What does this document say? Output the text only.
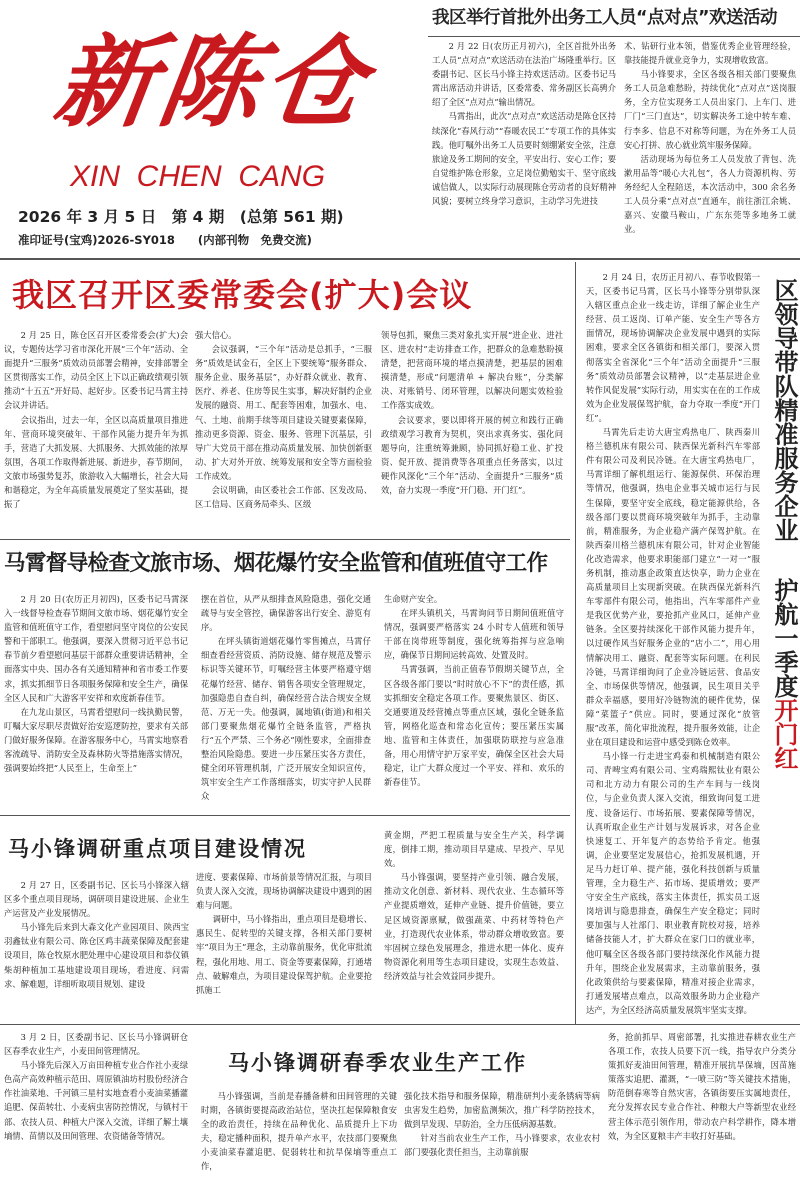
新陈仓
XIN  CHEN  CANG
2026 年 3 月 5 日　第 4 期　(总第 561 期)
准印证号(宝鸡)2026-SY018　　(内部刊物　免费交流)
我区举行首批外出务工人员“点对点”欢送活动

2 月 22 日(农历正月初六)，全区首批外出务工人员“点对点”欢送活动在法治广场隆重举行。区委副书记、区长马小锋主持欢送活动。区委书记马霄出席活动并讲话，区委常委、常务副区长高骋介绍了全区“点对点”输出情况。

马霄指出，此次“点对点”欢送活动是陈仓区持续深化“春风行动”“春暖农民工”专项工作的具体实践。他叮嘱外出务工人员要时刻绷紧安全弦，注意旅途及务工期间的安全，平安出行、安心工作；要自觉维护陈仓形象，立足岗位勤勉实干、坚守底线诚信做人，以实际行动展现陈仓劳动者的良好精神风貌；要树立终身学习意识，主动学习先进技

术、钻研行业本领，借鉴优秀企业管理经验，靠技能提升就业竞争力，实现增收致富。

马小锋要求，全区各级各相关部门要聚焦务工人员急难愁盼，持续优化“点对点”送岗服务，全方位实现务工人员出家门、上车门、进厂门“三门直达”，切实解决务工途中转车难、行李多、信息不对称等问题，为在外务工人员安心打拼、放心就业筑牢服务保障。

活动现场为每位务工人员发放了背包、洗漱用品等“暖心大礼包”，各人力资源机构、劳务经纪人全程陪送，本次活动中，300 余名务工人员分乘“点对点”直通车，前往浙江余姚、嘉兴、安徽马鞍山，广东东莞等多地务工就业。

我区召开区委常委会(扩大)会议

2 月 25 日，陈仓区召开区委常委会(扩大)会议，专题传达学习省市深化开展“三个年”活动、全面提升“三服务”质效动员部署会精神，安排部署全区贯彻落实工作，动员全区上下以正确政绩观引领推动“十五五”开好局、起好步。区委书记马霄主持会议并讲话。

会议指出，过去一年，全区以高质量项目推进年、营商环境突破年、干部作风能力提升年为抓手，营造了大抓发展、大抓服务、大抓效能的浓厚氛围，各项工作取得新进展、新进步，春节期间，文旅市场强势复苏，旅游收入大幅增长，社会大局和谐稳定，为全年高质量发展奠定了坚实基础，提振了

强大信心。

会议强调，“三个年”活动是总抓手，“三服务”质效是试金石，全区上下要统筹“服务群众、服务企业、服务基层”，办好群众就业、教育、医疗、养老、住房等民生实事，解决好制约企业发展的融资、用工、配套等困难，加强水、电、气、土地、前期手续等项目建设关键要素保障，推动更多资源、资金、服务、管理下沉基层，引导广大党员干部在推动高质量发展、加快创新驱动、扩大对外开放、统筹发展和安全等方面检验工作成效。

会议明确，由区委社会工作部、区发改局、区工信局、区商务局牵头、区级

领导包抓，聚焦三类对象扎实开展“进企业、进社区、进农村”走访排查工作，把群众的急难愁盼摸清楚，把营商环境的堵点摸清楚，把基层的困难摸清楚，形成“问题清单 + 解决台账”，分类解决、对账销号、闭环管理，以解决问题实效检验工作落实成效。

会议要求，要以即将开展的树立和践行正确政绩观学习教育为契机，突出求真务实、强化问题导向，注重统筹兼顾，协同抓好稳工业、扩投资、促开放、提消费等各项重点任务落实，以过硬作风深化“三个年”活动、全面提升“三服务”质效，奋力实现一季度“开门稳、开门红”。

马霄督导检查文旅市场、烟花爆竹安全监管和值班值守工作

2 月 20 日(农历正月初四)，区委书记马霄深入一线督导检查春节期间文旅市场、烟花爆竹安全监管和值班值守工作，看望慰问坚守岗位的公安民警和干部职工。他强调，要深入贯彻习近平总书记春节前夕看望慰问基层干部群众重要讲话精神，全面落实中央、国办各有关通知精神和省市委工作要求，抓实抓细节日各项服务保障和安全生产，确保全区人民和广大游客平安祥和欢度新春佳节。

在九龙山景区，马霄看望慰问一线执勤民警，叮嘱大家尽职尽责做好治安巡逻防控，要求有关部门做好服务保障。在游客服务中心，马霄实地察看客流疏导、消防安全及森林防火等措施落实情况，强调要始终把“人民至上，生命至上”

摆在首位，从严从细排查风险隐患，强化交通疏导与安全管控，确保游客出行安全、游览有序。

在坪头镇街道烟花爆竹零售摊点，马霄仔细查看经营资质、消防设施、储存规范及警示标识等关键环节，叮嘱经营主体要严格遵守烟花爆竹经营、储存、销售各项安全管理规定，加强隐患自查自纠，确保经营合法合规安全规范、万无一失。他强调，属地镇(街道)和相关部门要聚焦烟花爆竹全链条监管，严格执行“五个严禁、三个务必”刚性要求，全面排查整治风险隐患。要进一步压紧压实各方责任，健全闭环管理机制，广泛开展安全知识宣传，筑牢安全生产工作落细落实，切实守护人民群众

生命财产安全。

在坪头镇机关，马霄询问节日期间值班值守情况，强调要严格落实 24 小时专人值班和领导干部在岗带班等制度，强化统筹指挥与应急响应，确保节日期间运转高效、处置及时。

马霄强调，当前正值春节假期关键节点，全区各级各部门要以“时时放心不下”的责任感，抓实抓细安全稳定各项工作。要聚焦景区、街区、交通要道及经营摊点等重点区域，强化全链条监管，网格化巡查和常态化宣传；要压紧压实属地、监管和主体责任，加强联防联控与应急准备，用心用情守护万家平安，确保全区社会大局稳定，让广大群众度过一个平安、祥和、欢乐的新春佳节。

马小锋调研重点项目建设情况

2 月 27 日，区委副书记、区长马小锋深入辖区多个重点项目现场，调研项目建设进展、企业生产运营及产业发展情况。

马小锋先后来到大森文化产业园项目、陕西宝羽鑫钛业有限公司、陈仓区鸡丰蔬菜保障及配套建设项目，陈仓牧原水肥处理中心建设项目和恭仪镇柴胡种植加工基地建设项目现场，看进度、问需求、解难题，详细听取项目规划、建设

进度、要素保障、市场前景等情况汇报，与项目负责人深入交流，现场协调解决建设中遇到的困难与问题。

调研中，马小锋指出，重点项目是稳增长、惠民生、促转型的关键支撑，各相关部门要树牢“项目为王”理念，主动靠前服务，优化审批流程，强化用地、用工、资金等要素保障，打通堵点、破解难点，为项目建设保驾护航。企业要抢抓施工

黄金期，严把工程质量与安全生产关，科学调度，倒排工期，推动项目早建成、早投产、早见效。

马小锋强调，要坚持产业引领、融合发展，推动文化创意、新材料、现代农业、生态循环等产业提质增效，延伸产业链、提升价值链，要立足区域资源禀赋，做强蔬菜、中药材等特色产业，打造现代农业体系，带动群众增收致富。要牢固树立绿色发展理念，推进水肥一体化、废弃物资源化利用等生态项目建设，实现生态效益、经济效益与社会效益同步提升。

2 月 24 日，农历正月初八、春节收假第一天，区委书记马霄，区长马小锋等分别带队深入辖区重点企业一线走访，详细了解企业生产经营、员工返岗、订单产能、安全生产等各方面情况，现场协调解决企业发展中遇到的实际困难，要求全区各镇街和相关部门，要深入贯彻落实全省深化“三个年”活动全面提升“三服务”质效动员部署会议精神，以“走基层进企业转作风促发展”实际行动，用实实在在的工作成效为企业发展保驾护航，奋力夺取一季度“开门红”。

马霄先后走访大唐宝鸡热电厂、陕西秦川格兰德机床有限公司、陕西保光新科汽车零部件有限公司及利民冷链。在大唐宝鸡热电厂，马霄详细了解机组运行、能源保供、环保治理等情况，他强调，热电企业事关城市运行与民生保障，要坚守安全底线，稳定能源供给，各级各部门要以贯商环境突破年为抓手，主动靠前，精准服务，为企业稳产满产保驾护航。在陕西秦川格兰德机床有限公司，针对企业智能化改造需求，他要求职能部门建立“一对一”服务机制，推动惠企政策直达快享，助力企业在高质量项目上实现新突破。在陕西保光新科汽车零部件有限公司，他指出，汽车零部件产业是我区优势产业，要抢抓产业风口，延伸产业链条。全区要持续深化干部作风能力提升年，以过硬作风当好服务企业的“店小二”，用心用情解决用工、融资、配套等实际问题。在利民冷链，马霄详细询问了企业冷链运营、食品安全、市场保供等情况，他强调，民生项目关乎群众幸福感，要用好冷链物流的硬件优势，保障“菜篮子”供应。同时，要通过深化“放管服”改革，简化审批流程，提升服务效能，让企业在项目建设和运营中感受到陈仓效率。

马小锋一行走进宝鸡泰和机械制造有限公司、青啤宝鸡有限公司、宝鸡瑞熙钛业有限公司和北方动力有限公司的生产车间与一线岗位，与企业负责人深入交流，细致询问复工进度、设备运行、市场拓展、要素保障等情况，认真听取企业生产计划与发展诉求，对各企业快速复工、开年复产的态势给予肯定。他强调，企业要坚定发展信心，抢抓发展机遇，开足马力赶订单、提产能，强化科技创新与质量管理，全力稳生产、拓市场、提质增效；要严守安全生产底线，落实主体责任，抓实员工返岗培训与隐患排查，确保生产安全稳定；同时要加强与人社部门、职业教育院校对接，培养储备技能人才，扩大群众在家门口的就业率，他叮嘱全区各级各部门要持续深化作风能力提升年，围绕企业发展需求，主动靠前服务，强化政策供给与要素保障，精准对接企业需求，打通发展堵点难点，以高效服务助力企业稳产达产，为全区经济高质量发展筑牢坚实支撑。

区领导带队精准服务企业
护航一季度开门红

3 月 2 日，区委副书记、区长马小锋调研仓区春季农业生产，小麦田间管理情况。

马小锋先后深入万亩田种植专业合作社小麦绿色高产高效种植示范田、周原镇油坊村股份经济合作社油菜地、千河镇三星村实地查看小麦油菜播灌追肥、保苗转壮、小麦病虫害防控情况，与镇村干部、农技人员、种植大户深入交流，详细了解土壤墒情、苗情以及田间管理、农资储备等情况。

马小锋调研春季农业生产工作

马小锋强调，当前是春播备耕和田间管理的关键时期，各镇街要提高政治站位，坚决扛起保障粮食安全的政治责任，持续在品种优化、品质提升上下功夫，稳定播种面积，提升单产水平，农技部门要聚焦小麦油菜春灌追肥、促弱转壮和抗旱保墒等重点工作，

强化技术指导和服务保障，精准研判小麦条锈病等病虫害发生趋势，加密监测频次，推广科学防控技术，做到早发现、早防治，全力压低病源基数。

针对当前农业生产工作，马小锋要求，农业农村部门要强化责任担当，主动靠前服

务，抢前抓早、周密部署，扎实推进春耕农业生产各项工作，农技人员要下沉一线，指导农户分类分策抓好麦油田间管理，精准开展抗旱保墒，因苗施策落实追肥、灌溉，“一喷三防”等关键技术措施，防范倒春寒等自然灾害，各镇街要压实属地责任，充分发挥农民专业合作社、种粮大户等新型农业经营主体示范引领作用，带动农户科学耕作，降本增效，为全区夏粮丰产丰收打好基础。
